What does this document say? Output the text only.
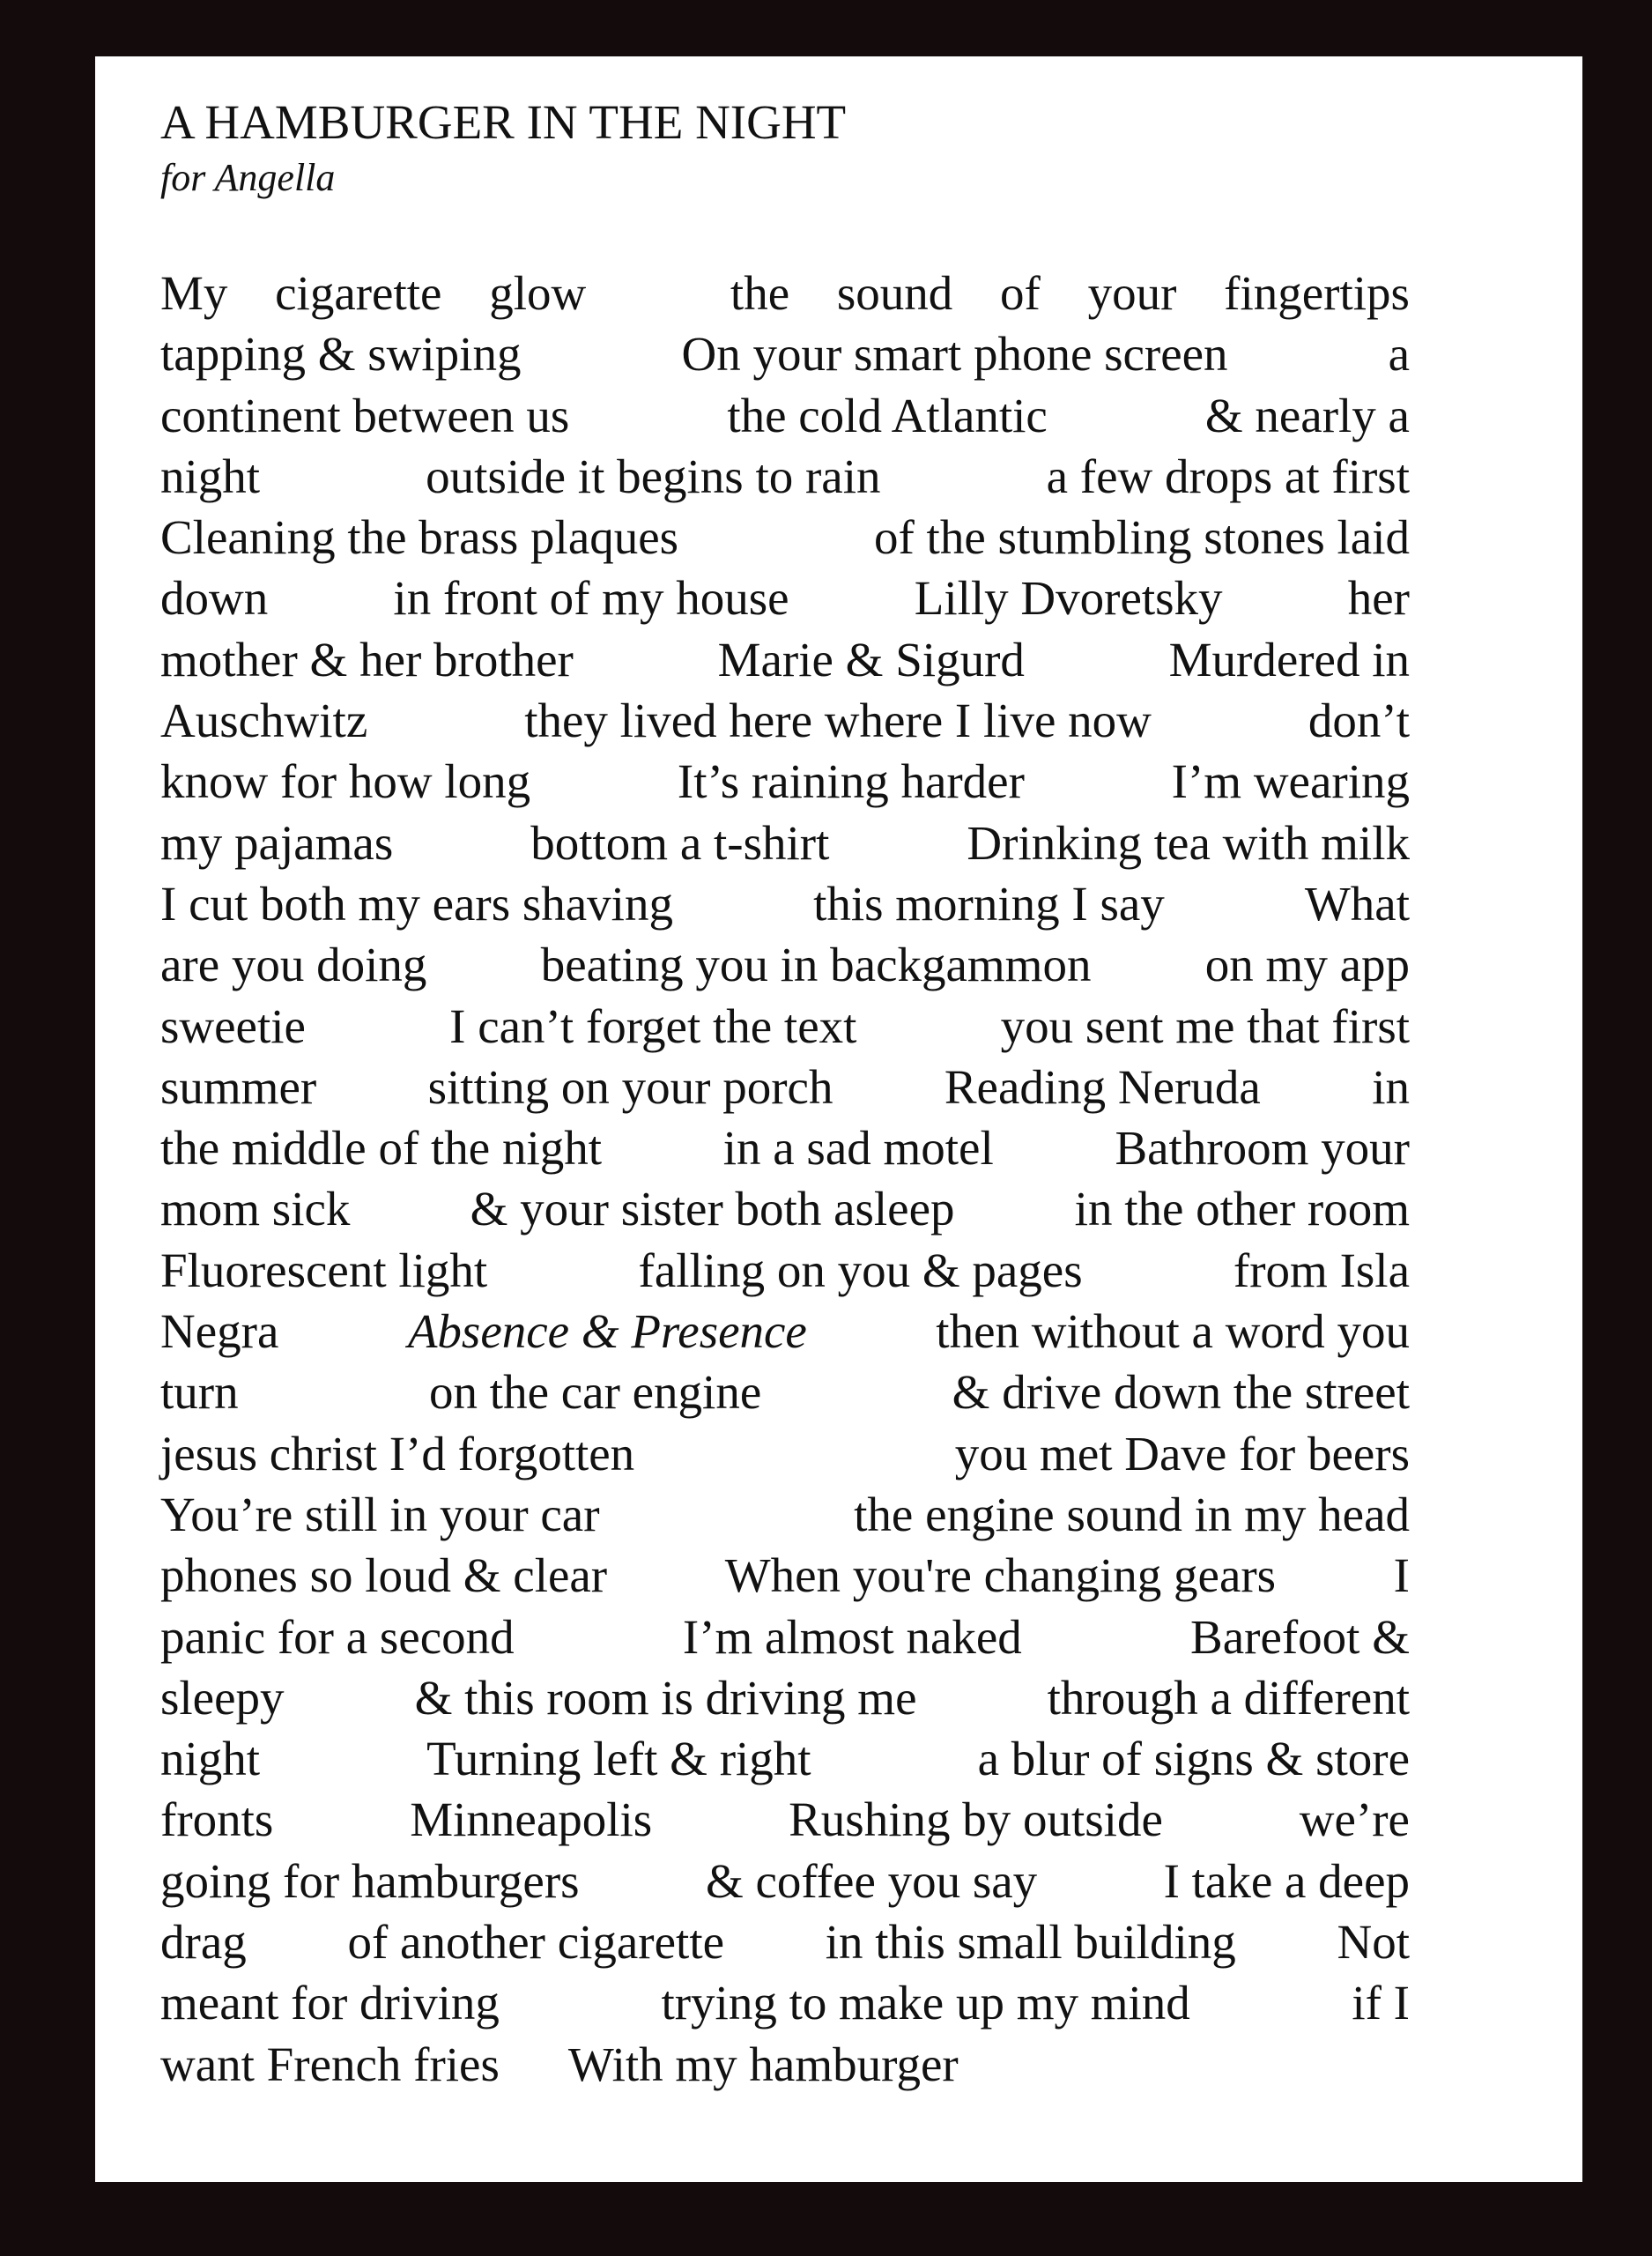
A HAMBURGER IN THE NIGHT
for Angella
My cigarette glow	the sound of your fingertips
tapping & swiping	On your smart phone screen	a
continent between us	the cold Atlantic	& nearly a
night	outside it begins to rain	a few drops at first
Cleaning the brass plaques	of the stumbling stones laid
down	in front of my house	Lilly Dvoretsky	her
mother & her brother	Marie & Sigurd	Murdered in
Auschwitz	they lived here where I live now	don’t
know for how long	It’s raining harder	I’m wearing
my pajamas	bottom a t-shirt	Drinking tea with milk
I cut both my ears shaving	this morning I say	What
are you doing beating you in backgammon on my app
sweetie	I can’t forget the text	you sent me that first
summer sitting on your porch Reading Neruda in
the middle of the night	in a sad motel	Bathroom your
mom sick & your sister both asleep in the other room
Fluorescent light	falling on you & pages	from Isla
Negra	Absence & Presence	then without a word you
turn	on the car engine	& drive down the street
jesus christ I’d forgotten	you met Dave for beers
You’re still in your car	the engine sound in my head
phones so loud & clear When you're changing gears I
panic for a second	I’m almost naked	Barefoot &
sleepy	& this room is driving me	through a different
night	Turning left & right	a blur of signs & store
fronts	Minneapolis	Rushing by outside	we’re
going for hamburgers	& coffee you say	I take a deep
drag of another cigarette in this small building Not
meant for driving	trying to make up my mind	if I
want French fries With my hamburger
